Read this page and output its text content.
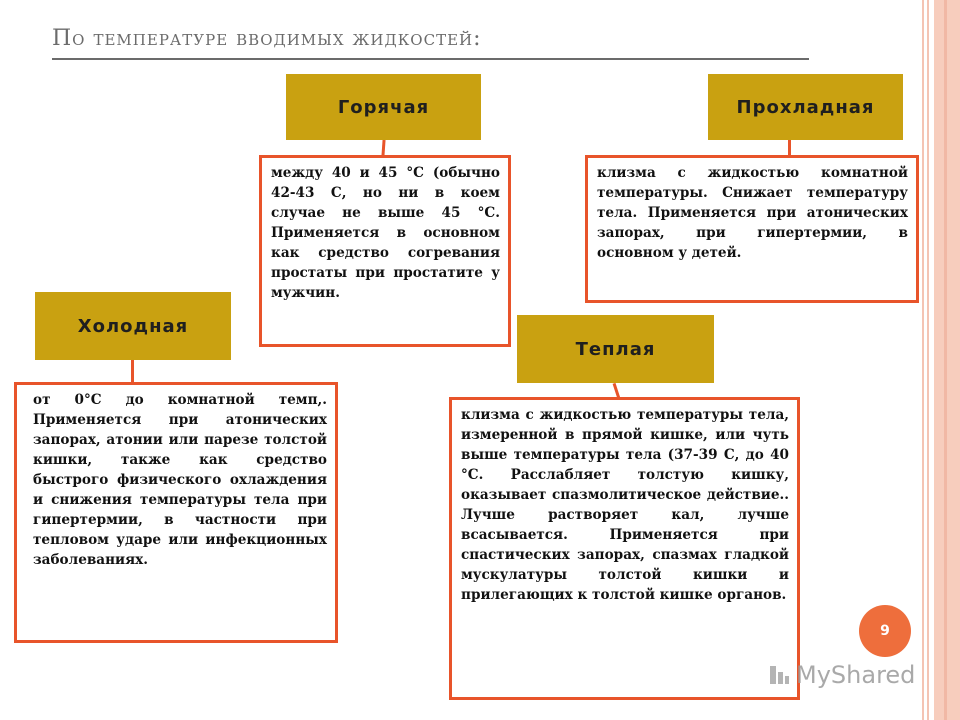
По температуре вводимых жидкостей:
Горячая
между 40 и 45 °С (обычно 42-43 С, но ни в коем случае не выше 45 °С. Применяется в основном как средство согревания простаты при простатите у мужчин.
Прохладная
клизма с жидкостью комнатной температуры. Снижает температуру тела. Применяется при атонических запорах, при гипертермии, в основном у детей.
Холодная
от 0°С до комнатной темп,. Применяется при атонических запорах, атонии или парезе толстой кишки, также как средство быстрого физического охлаждения и снижения температуры тела при гипертермии, в частности при тепловом ударе или инфекционных заболеваниях.
Теплая
клизма с жидкостью температуры тела, измеренной в прямой кишке, или чуть выше температуры тела (37-39 С, до 40 °С. Расслабляет толстую кишку, оказывает спазмолитическое действие.. Лучше растворяет кал, лучше всасывается. Применяется при спастических запорах, спазмах гладкой мускулатуры толстой кишки и прилегающих к толстой кишке органов.
9
MyShared
